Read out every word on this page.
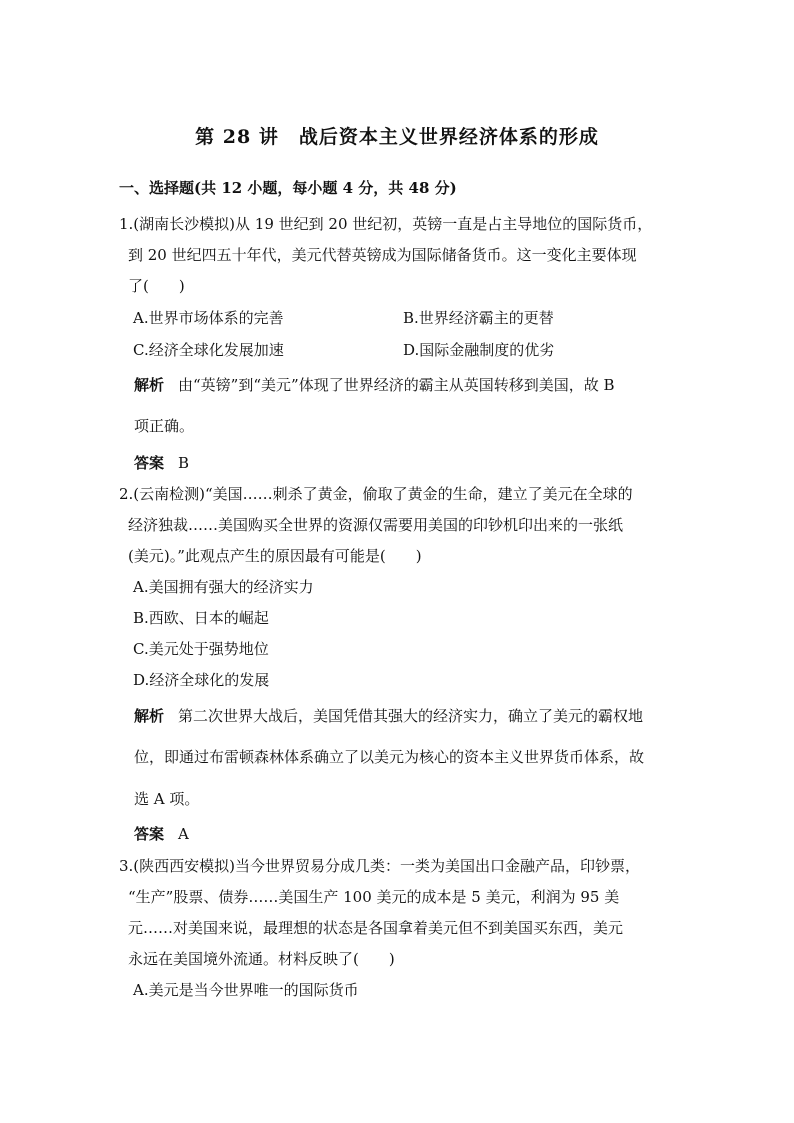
第 28 讲　战后资本主义世界经济体系的形成
一、选择题(共 12 小题，每小题 4 分，共 48 分)
1.(湖南长沙模拟)从 19 世纪到 20 世纪初，英镑一直是占主导地位的国际货币，
到 20 世纪四五十年代，美元代替英镑成为国际储备货币。这一变化主要体现
了(　　)
A.世界市场体系的完善	B.世界经济霸主的更替
C.经济全球化发展加速	D.国际金融制度的优劣
解析 由“英镑”到“美元”体现了世界经济的霸主从英国转移到美国，故 B
项正确。
答案 B
2.(云南检测)“美国……刺杀了黄金，偷取了黄金的生命，建立了美元在全球的
经济独裁……美国购买全世界的资源仅需要用美国的印钞机印出来的一张纸
(美元)。”此观点产生的原因最有可能是(　　)
A.美国拥有强大的经济实力
B.西欧、日本的崛起
C.美元处于强势地位
D.经济全球化的发展
解析 第二次世界大战后，美国凭借其强大的经济实力，确立了美元的霸权地
位，即通过布雷顿森林体系确立了以美元为核心的资本主义世界货币体系，故
选 A 项。
答案 A
3.(陕西西安模拟)当今世界贸易分成几类：一类为美国出口金融产品，印钞票，
“生产”股票、债券……美国生产 100 美元的成本是 5 美元，利润为 95 美
元……对美国来说，最理想的状态是各国拿着美元但不到美国买东西，美元
永远在美国境外流通。材料反映了(　　)
A.美元是当今世界唯一的国际货币
